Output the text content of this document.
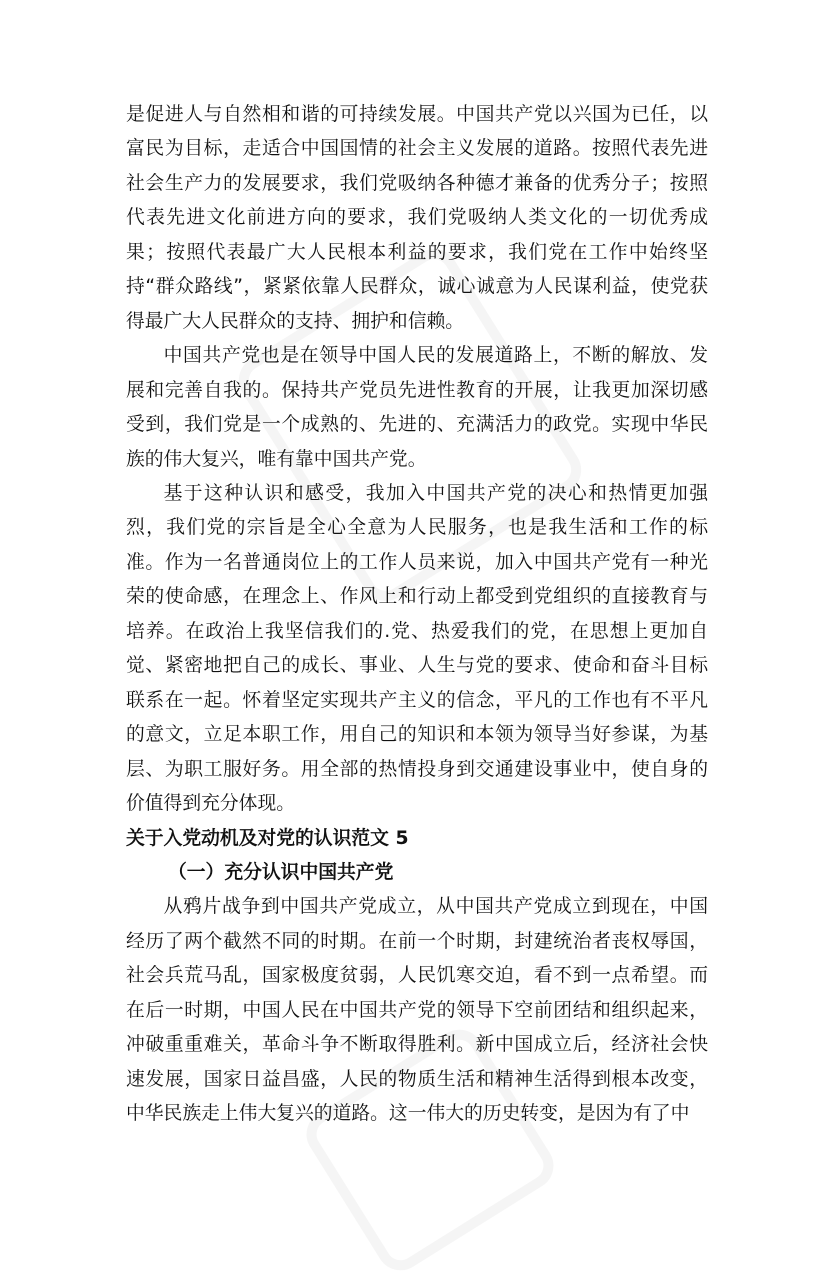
是促进人与自然相和谐的可持续发展。中国共产党以兴国为已任，以富民为目标，走适合中国国情的社会主义发展的道路。按照代表先进社会生产力的发展要求，我们党吸纳各种德才兼备的优秀分子；按照代表先进文化前进方向的要求，我们党吸纳人类文化的一切优秀成果；按照代表最广大人民根本利益的要求，我们党在工作中始终坚持“群众路线”，紧紧依靠人民群众，诚心诚意为人民谋利益，使党获得最广大人民群众的支持、拥护和信赖。

中国共产党也是在领导中国人民的发展道路上，不断的解放、发展和完善自我的。保持共产党员先进性教育的开展，让我更加深切感受到，我们党是一个成熟的、先进的、充满活力的政党。实现中华民族的伟大复兴，唯有靠中国共产党。

基于这种认识和感受，我加入中国共产党的决心和热情更加强烈，我们党的宗旨是全心全意为人民服务，也是我生活和工作的标准。作为一名普通岗位上的工作人员来说，加入中国共产党有一种光荣的使命感，在理念上、作风上和行动上都受到党组织的直接教育与培养。在政治上我坚信我们的.党、热爱我们的党，在思想上更加自觉、紧密地把自己的成长、事业、人生与党的要求、使命和奋斗目标联系在一起。怀着坚定实现共产主义的信念，平凡的工作也有不平凡的意文，立足本职工作，用自己的知识和本领为领导当好参谋，为基层、为职工服好务。用全部的热情投身到交通建设事业中，使自身的价值得到充分体现。

关于入党动机及对党的认识范文 5

（一）充分认识中国共产党

从鸦片战争到中国共产党成立，从中国共产党成立到现在，中国经历了两个截然不同的时期。在前一个时期，封建统治者丧权辱国，社会兵荒马乱，国家极度贫弱，人民饥寒交迫，看不到一点希望。而在后一时期，中国人民在中国共产党的领导下空前团结和组织起来，冲破重重难关，革命斗争不断取得胜利。新中国成立后，经济社会快速发展，国家日益昌盛，人民的物质生活和精神生活得到根本改变，中华民族走上伟大复兴的道路。这一伟大的历史转变，是因为有了中
